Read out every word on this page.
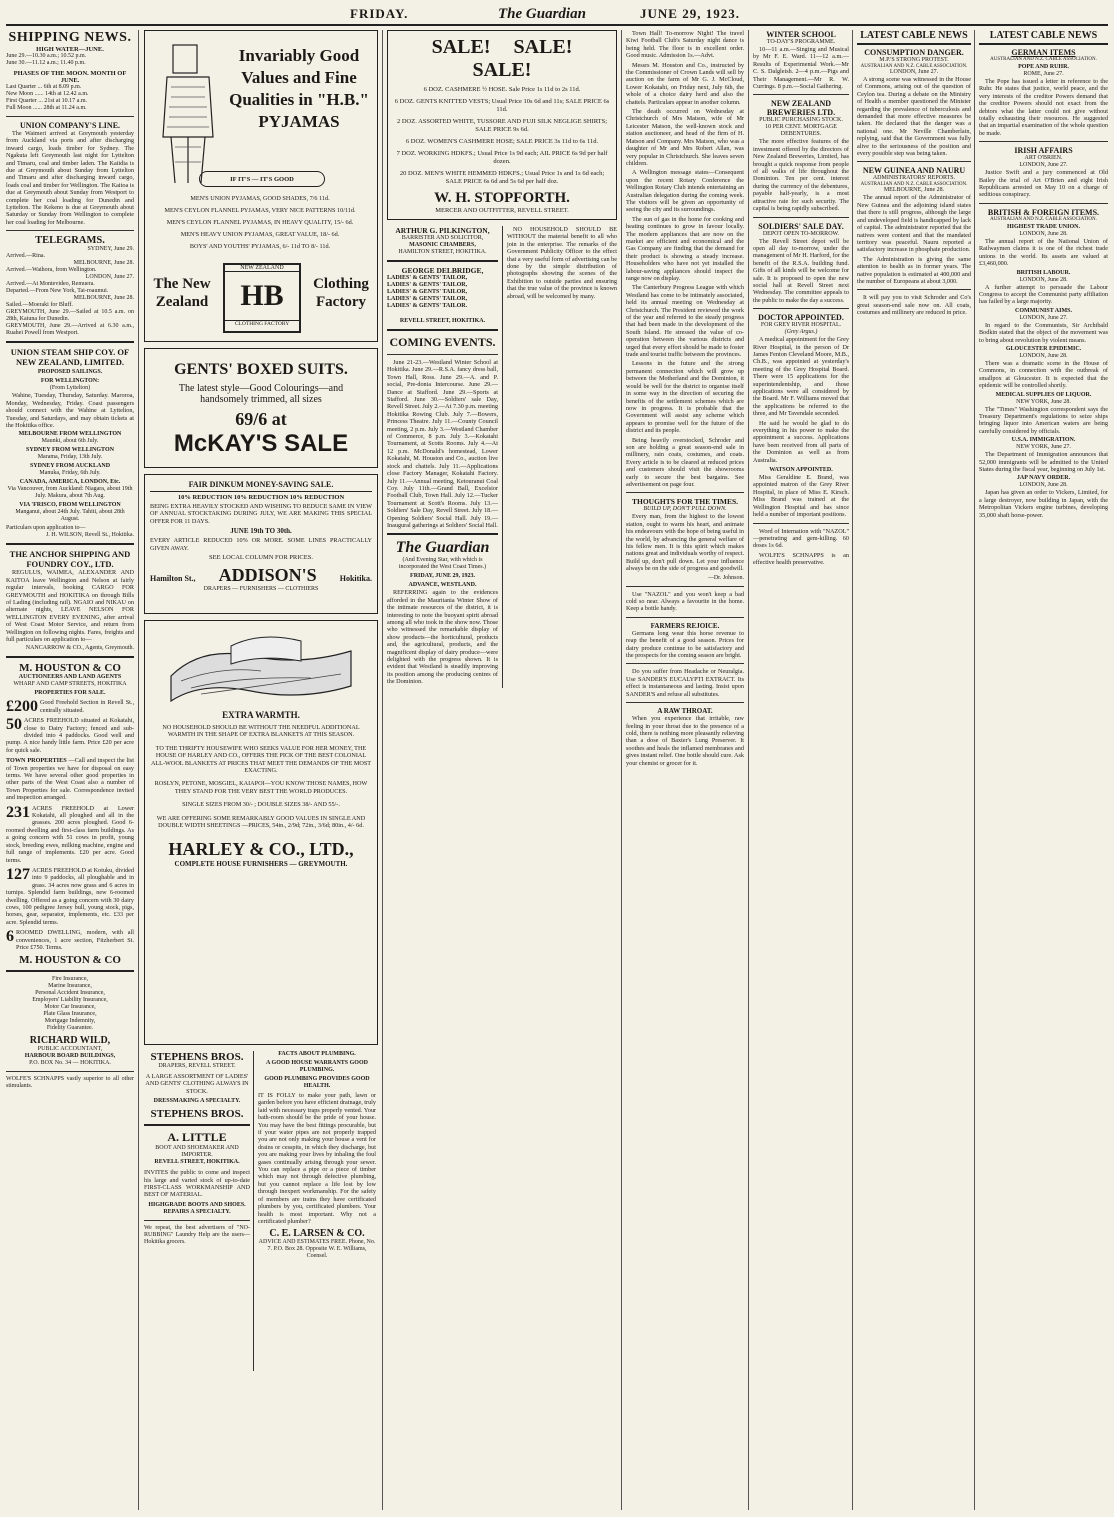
FRIDAY.	The Guardian	JUNE 29, 1923.
SHIPPING NEWS.
HIGH WATER—JUNE.
June 29.—10.30 a.m.; 10.52 p.m.
June 30.—11.12 a.m.; 11.40 p.m.
PHASES OF THE MOON. MONTH OF JUNE.
Last Quarter ... 6th at 8.09 p.m.
New Moon ...... 14th at 12.42 a.m.
First Quarter ... 21st at 10.17 a.m.
Full Moon ...... 28th at 11.24 a.m.
UNION COMPANY'S LINE.

The Waimeri arrived at Greymouth yesterday from Auckland via ports and after discharging inward cargo, loads timber for Sydney. The Ngakuta left Greymouth last night for Lyttelton and Timaru, coal and timber laden. The Kaiidia is due at Greymouth about Sunday from Lyttelton and Timaru and after discharging inward cargo, loads coal and timber for Wellington. The Kaitoa is due at Greymouth about Sunday from Westport to complete her coal loading for Dunedin and Lyttelton. The Kekeno is due at Greymouth about Saturday or Sunday from Wellington to complete her coal loading for Melbourne.

TELEGRAMS.
SYDNEY, June 29.
Arrived.—Rina.
MELBOURNE, June 28.
Arrived.—Waihora, from Wellington.
LONDON, June 27.
Arrived.—At Montevideo, Remuera.
Departed.—From New York, Tai-roaumui.
MELBOURNE, June 28.
Sailed.—Moeraki for Bluff.
GREYMOUTH, June 29.—Sailed at 10.5 a.m. on 28th, Kaiuna for Dunedin.
GREYMOUTH, June 29.—Arrived at 6.30 a.m., Ruahei Powell from Westport.
UNION STEAM SHIP COY. OF NEW ZEALAND, LIMITED.
PROPOSED SAILINGS.
FOR WELLINGTON:
(From Lyttelton)

Wahine, Tuesday, Thursday, Saturday. Maroroa, Monday, Wednesday, Friday. Coast passengers should connect with the Wahine at Lyttelton, Tuesday, and Saturdays, and may obtain tickets at the Hokitika office.

MELBOURNE FROM WELLINGTON
Maunki, about 6th July.
SYDNEY FROM WELLINGTON
Marama, Friday, 13th July.
SYDNEY FROM AUCKLAND
Manuka, Friday, 6th July.
CANADA, AMERICA, LONDON, Etc.
Via Vancouver, from Auckland: Niagara, about 19th July. Makura, about 7th Aug.
VIA 'FRISCO, FROM WELLINGTON
Manganui, about 24th July. Tahiti, about 28th August.
Particulars upon application to—
J. H. WILSON, Revell St., Hokitika.
THE ANCHOR SHIPPING AND FOUNDRY COY., LTD.

REGULUS, WAIMEA, ALEXANDER AND KAITOA leave Wellington and Nelson at fairly regular intervals, booking CARGO FOR GREYMOUTH and HOKITIKA on through Bills of Lading (including rail). NGAIO and NIKAU on alternate nights, LEAVE NELSON FOR WELLINGTON EVERY EVENING, after arrival of West Coast Motor Service, and return from Wellington on following nights. Fares, freights and full particulars on application to—

NANCARROW & CO., Agents, Greymouth.
M. HOUSTON & CO
AUCTIONEERS AND LAND AGENTS
WHARF AND CAMP STREETS, HOKITIKA
PROPERTIES FOR SALE.
£200 Good Freehold Section in Revell St., centrally situated.
50 ACRES FREEHOLD situated at Kokatahi, close to Dairy Factory; fenced and sub-divided into 4 paddocks. Good well and pump. A nice handy little farm. Price £20 per acre for quick sale.
TOWN PROPERTIES —Call and inspect the list of Town properties we have for disposal on easy terms. We have several other good properties in other parts of the West Coast also a number of Town Properties for sale. Correspondence invited and inspection arranged.
231 ACRES FREEHOLD at Lower Kokatahi, all ploughed and all in the grasses. 200 acres ploughed. Good 6-roomed dwelling and first-class farm buildings. As a going concern with 51 cows in profit, young stock, breeding ewes, milking machine, engine and full range of implements. £20 per acre. Good terms.
127 ACRES FREEHOLD at Kotuku, divided into 9 paddocks, all ploughable and in grass. 34 acres now grass and 6 acres in turnips. Splendid farm buildings, new 6-roomed dwelling. Offered as a going concern with 30 dairy cows, 100 pedigree Jersey bull, young stock, pigs, horses, gear, separator, implements, etc. £33 per acre. Splendid terms.
6 ROOMED DWELLING, modern, with all conveniences, 1 acre section, Fitzherbert St. Price £750. Terms.
M. HOUSTON & CO
Fire Insurance,
Marine Insurance,
Personal Accident Insurance,
Employers' Liability Insurance,
Motor Car Insurance,
Plate Glass Insurance,
Mortgage Indemnity,
Fidelity Guarantee.
RICHARD WILD,
PUBLIC ACCOUNTANT,
HARBOUR BOARD BUILDINGS,
P.O. BOX No. 34 — HOKITIKA.
WOLFE'S SCHNAPPS vastly superior to all other stimulants.
Invariably Good Values and Fine Qualities in "H.B." PYJAMAS
IF IT'S — IT'S GOOD
MEN'S UNION PYJAMAS, GOOD SHADES, 7/6 11d.
MEN'S CEYLON FLANNEL PYJAMAS, VERY NICE PATTERNS 10/11d.
MEN'S CEYLON FLANNEL PYJAMAS, IN HEAVY QUALITY, 15/- 6d.
MEN'S HEAVY UNION PYJAMAS, GREAT VALUE, 18/- 6d.
BOYS' AND YOUTHS' PYJAMAS, 6/- 11d TO 8/- 11d.
The New Zealand
NEW ZEALAND
HB
CLOTHING FACTORY
Clothing Factory
GENTS' BOXED SUITS.
The latest style—Good Colourings—and handsomely trimmed, all sizes
69/6 at
McKAY'S SALE
FAIR DINKUM MONEY-SAVING SALE.
10% REDUCTION 10% REDUCTION 10% REDUCTION
BEING EXTRA HEAVILY STOCKED AND WISHING TO REDUCE SAME IN VIEW OF ANNUAL STOCKTAKING DURING JULY, WE ARE MAKING THIS SPECIAL OFFER FOR 11 DAYS.
JUNE 19th TO 30th.
EVERY ARTICLE REDUCED 10% OR MORE. SOME LINES PRACTICALLY GIVEN AWAY.
SEE LOCAL COLUMN FOR PRICES.
Hamilton St., ADDISON'S	Hokitika.
DRAPERS — FURNISHERS — CLOTHIERS
EXTRA WARMTH.
NO HOUSEHOLD SHOULD BE WITHOUT THE NEEDFUL ADDITIONAL WARMTH IN THE SHAPE OF EXTRA BLANKETS AT THIS SEASON.
TO THE THRIFTY HOUSEWIFE WHO SEEKS VALUE FOR HER MONEY, THE HOUSE OF HARLEY AND CO., OFFERS THE PICK OF THE BEST COLONIAL ALL-WOOL BLANKETS AT PRICES THAT MEET THE DEMANDS OF THE MOST EXACTING.
ROSLYN, PETONE, MOSGIEL, KAIAPOI—YOU KNOW THOSE NAMES, HOW THEY STAND FOR THE VERY BEST THE WORLD PRODUCES.
SINGLE SIZES FROM 30/- ; DOUBLE SIZES 38/- AND 55/-.
WE ARE OFFERING SOME REMARKABLY GOOD VALUES IN SINGLE AND DOUBLE WIDTH SHEETINGS —PRICES, 54in., 2/9d; 72in., 3/6d; 80in., 4/- 6d.
HARLEY & CO., LTD.,
COMPLETE HOUSE FURNISHERS — GREYMOUTH.
STEPHENS BROS.
DRAPERS, REVELL STREET.
A LARGE ASSORTMENT OF LADIES' AND GENTS' CLOTHING ALWAYS IN STOCK.
DRESSMAKING A SPECIALTY.
STEPHENS BROS.
A. LITTLE
BOOT AND SHOEMAKER AND IMPORTER.
REVELL STREET, HOKITIKA.
INVITES the public to come and inspect his large and varied stock of up-to-date FIRST-CLASS WORKMANSHIP AND BEST OF MATERIAL.
HIGHGRADE BOOTS AND SHOES. REPAIRS A SPECIALTY.
We repeat, the best advertisers of "NO-RUBBING" Laundry Help are the users—Hokitika grocers.
FACTS ABOUT PLUMBING.
A GOOD HOUSE WARRANTS GOOD PLUMBING.
GOOD PLUMBING PROVIDES GOOD HEALTH.
IT IS FOLLY to make your path, lawn or garden before you have efficient drainage, truly laid with necessary traps properly vented. Your bath-room should be the pride of your house. You may have the best fittings procurable, but if your water pipes are not properly trapped you are not only making your house a vent for drains or cesspits, in which they discharge, but you are making your lives by inhaling the foul gases continually arising through your sewer. You can replace a pipe or a piece of timber which may not through defective plumbing, but you cannot replace a life lost by low through inexpert workmanship. For the safety of members are trains they have certificated plumbers by you, certificated plumbers. Your health is most important. Why not a certificated plumber?
C. E. LARSEN & CO.
ADVICE AND ESTIMATES FREE. Phone, No. 7. P.O. Box 28. Opposite W. E. Williams, Coensel.
SALE! SALE! SALE!
6 DOZ. CASHMERE ½ HOSE. Sale Price 1s 11d to 2s 11d.
6 DOZ. GENTS KNITTED VESTS; Usual Price 10s 6d and 11s; SALE PRICE 6s 11d.
2 DOZ. ASSORTED WHITE, TUSSORE AND FUJI SILK NEGLIGE SHIRTS; SALE PRICE 9s 6d.
6 DOZ. WOMEN'S CASHMERE HOSE; SALE PRICE 3s 11d to 6s 11d.
7 DOZ. WORKING HDKFS.; Usual Price 1s 9d each; AIL PRICE 6s 9d per half dozen.
20 DOZ. MEN'S WHITE HEMMED HDKFS.; Usual Price 1s and 1s 6d each; SALE PRICE 6s 6d and 5s 6d per half doz.
W. H. STOPFORTH.
MERCER AND OUTFITTER, REVELL STREET.
ARTHUR G. PILKINGTON,
BARRISTER AND SOLICITOR,
MASONIC CHAMBERS,
HAMILTON STREET, HOKITIKA.
GEORGE DELBRIDGE,
LADIES' & GENTS' TAILOR,
LADIES' & GENTS' TAILOR,
LADIES' & GENTS' TAILOR,
LADIES' & GENTS' TAILOR,
LADIES' & GENTS' TAILOR.
REVELL STREET, HOKITIKA.
COMING EVENTS.

June 21-23.—Westland Winter School at Hokitika. June 29.—R.S.A. fancy dress ball, Town Hall, Ross. June 29.—A. and P. social, Pre-donia Intercourse. June 29.—Dance at Stafford. June 29.—Sports at Stafford. June 30.—Soldiers' sale Day, Revell Street. July 2.—At 7.30 p.m. meeting Hokitika Rowing Club. July 7.—Bowers, Princess Theatre. July 11.—County Council meeting, 2 p.m. July 3.—Westland Chamber of Commerce, 8 p.m. July 3.—Kokatahi Tournament, at Scotts Rooms. July 4.—At 12 p.m. McDonald's homestead, Lower Kokatahi, M. Houston and Co., auction live stock and chattels. July 11.—Applications close Factory Manager, Kokatahi Factory. July 11.—Annual meeting, Ketouranui Coal Coy. July 11th.—Grand Ball, Excelsior Football Club, Town Hall. July 12.—Tucker Tournament at Scott's Rooms. July 13.—Soldiers' Sale Day, Revell Street. July 18.—Opening Soldiers' Social Hall. July 19.—Inaugural gatherings at Soldiers' Social Hall.

The Guardian
(And Evening Star, with which is incorporated the West Coast Times.)
FRIDAY, JUNE 29, 1923.
ADVANCE, WESTLAND.

REFERRING again to the evidences afforded in the Mauritania Winter Show of the intimate resources of the district, it is interesting to note the buoyant spirit abroad among all who took in the show now. Those who witnessed the remarkable display of show products—the horticultural, products and, the agricultural, products, and the magnificent display of dairy produce—were delighted with the progress shown. It is evident that Westland is steadily improving its position among the producing centres of the Dominion.

NO HOUSEHOLD SHOULD BE WITHOUT the material benefit to all who join in the enterprise. The remarks of the Government Publicity Officer to the effect that a very useful form of advertising can be done by the simple distribution of photographs showing the scenes of the Exhibition to outside parties and ensuring that the true value of the province is known abroad, will be welcomed by many.

Town Hall! To-morrow Night! The travel Kiwi Football Club's Saturday night dance is being held. The floor is in excellent order. Good music. Admission 1s.—Advt.

Messrs M. Houston and Co., instructed by the Commissioner of Crown Lands will sell by auction on the farm of Mr G. J. McCloud, Lower Kokatahi, on Friday next, July 6th, the whole of a choice dairy herd and also the chattels. Particulars appear in another column.

The death occurred on Wednesday at Christchurch of Mrs Matson, wife of Mr Leicester Matson, the well-known stock and station auctioneer, and head of the firm of H. Matson and Company. Mrs Matson, who was a daughter of Mr and Mrs Robert Allan, was very popular in Christchurch. She leaves seven children.

A Wellington message states—Consequent upon the recent Rotary Conference the Wellington Rotary Club intends entertaining an Australian delegation during the coming week. The visitors will be given an opportunity of seeing the city and its surroundings.

The sun of gas in the home for cooking and heating continues to grow in favour locally. The modern appliances that are now on the market are efficient and economical and the Gas Company are finding that the demand for their product is showing a steady increase. Householders who have not yet installed the labour-saving appliances should inspect the range now on display.

The Canterbury Progress League with which Westland has come to be intimately associated, held its annual meeting on Wednesday at Christchurch. The President reviewed the work of the year and referred to the steady progress that had been made in the development of the South Island. He stressed the value of co-operation between the various districts and urged that every effort should be made to foster trade and tourist traffic between the provinces.

Lessons in the future and the strong permanent connection which will grow up between the Motherland and the Dominion, it would be well for the district to organise itself in some way in the direction of securing the benefits of the settlement schemes which are now in progress. It is probable that the Government will assist any scheme which appears to promise well for the future of the district and its people.

Being heavily overstocked, Schroder and son are holding a great season-end sale in millinery, rain coats, costumes, and coats. Every article is to be cleared at reduced prices and customers should visit the showrooms early to secure the best bargains. See advertisement on page four.

THOUGHTS FOR THE TIMES.
BUILD UP, DON'T PULL DOWN.

Every man, from the highest to the lowest station, ought to warm his heart, and animate his endeavours with the hope of being useful in the world, by advancing the general welfare of his fellow men. It is this spirit which makes nations great and individuals worthy of respect. Build up, don't pull down. Let your influence always be on the side of progress and goodwill.

—Dr. Johnson.

Use "NAZOL" and you won't keep a bad cold so near. Always a favourite in the home. Keep a bottle handy.

FARMERS REJOICE.

Germans long wear this horse revenue to reap the benefit of a good season. Prices for dairy produce continue to be satisfactory and the prospects for the coming season are bright.

Do you suffer from Headache or Neuralgia. Use SANDER'S EUCALYPTI EXTRACT. Its effect is instantaneous and lasting. Insist upon SANDER'S and refuse all substitutes.

A RAW THROAT.

When you experience that irritable, raw feeling in your throat due to the presence of a cold, there is nothing more pleasantly relieving than a dose of Baxter's Lung Preserver. It soothes and heals the inflamed membranes and gives instant relief. One bottle should cure. Ask your chemist or grocer for it.

WINTER SCHOOL
TO-DAY'S PROGRAMME.

10—11 a.m.—Singing and Musical by Mr F. E. Ward. 11—12 a.m.—Results of Experimental Work.—Mr C. S. Dalgleish. 2—4 p.m.—Pigs and Their Management.—Mr R. W. Currings. 8 p.m.—Social Gathering.

NEW ZEALAND BREWERIES LTD.
PUBLIC PURCHASING STOCK.
10 PER CENT. MORTGAGE DEBENTURES.

The more effective features of the investment offered by the directors of New Zealand Breweries, Limited, has brought a quick response from people of all walks of life throughout the Dominion. Ten per cent. interest during the currency of the debentures, payable half-yearly, is a most attractive rate for such security. The capital is being rapidly subscribed.

SOLDIERS' SALE DAY.
DEPOT OPEN TO-MORROW.

The Revell Street depot will be open all day to-morrow, under the management of Mr H. Harford, for the benefit of the R.S.A. building fund. Gifts of all kinds will be welcome for sale. It is proposed to open the new social hall at Revell Street next Wednesday. The committee appeals to the public to make the day a success.

DOCTOR APPOINTED.
FOR GREY RIVER HOSPITAL.
(Grey Argus.)

A medical appointment for the Grey River Hospital, in the person of Dr James Fenton Cleveland Moore, M.B., Ch.B., was appointed at yesterday's meeting of the Grey Hospital Board. There were 15 applications for the superintendentship, and those applications were all considered by the Board. Mr F. Williams moved that the applications be referred to the three, and Mr Tavendale seconded.

He said he would be glad to do everything in his power to make the appointment a success. Applications have been received from all parts of the Dominion as well as from Australia.

WATSON APPOINTED.

Miss Geraldine E. Brand, was appointed matron of the Grey River Hospital, in place of Miss E. Kirsch. Miss Brand was trained at the Wellington Hospital and has since held a number of important positions.

Word of Internation with "NAZOL" —penetrating and gem-killing. 60 doses 1s 6d.

WOLFE'S SCHNAPPS is an effective health preservative.

LATEST CABLE NEWS
CONSUMPTION DANGER.
M.P.'S STRONG PROTEST.
AUSTRALIAN AND N.Z. CABLE ASSOCIATION.
LONDON, June 27.

A strong scene was witnessed in the House of Commons, arising out of the question of Ceylon tea. During a debate on the Ministry of Health a member questioned the Minister regarding the prevalence of tuberculosis and demanded that more effective measures be taken. He declared that the danger was a national one. Mr Neville Chamberlain, replying, said that the Government was fully alive to the seriousness of the position and every possible step was being taken.

NEW GUINEA AND NAURU
ADMINISTRATORS' REPORTS.
AUSTRALIAN AND N.Z. CABLE ASSOCIATION.
MELBOURNE, June 28.

The annual report of the Administrator of New Guinea and the adjoining island states that there is still progress, although the large and undeveloped field is handicapped by lack of capital. The administrator reported that the natives were content and that the mandated territory was peaceful. Nauru reported a satisfactory increase in phosphate production.

The Administration is giving the same attention to health as in former years. The native population is estimated at 400,000 and the number of Europeans at about 3,000.

It will pay you to visit Schroder and Co's great season-end sale now on. All coats, costumes and millinery are reduced in price.

LATEST CABLE NEWS
GERMAN ITEMS
AUSTRALIAN AND N.Z. CABLE ASSOCIATION.
POPE AND RUHR.
ROME, June 27.

The Pope has issued a letter in reference to the Ruhr. He states that justice, world peace, and the very interests of the creditor Powers demand that the creditor Powers should not exact from the debtors what the latter could not give without totally exhausting their resources. He suggested that an impartial examination of the whole question be made.

IRISH AFFAIRS
ART O'BRIEN.
LONDON, June 27.

Justice Swift and a jury commenced at Old Bailey the trial of Art O'Brien and eight Irish Republicans arrested on May 10 on a charge of seditious conspiracy.

BRITISH & FOREIGN ITEMS.
AUSTRALIAN AND N.Z. CABLE ASSOCIATION.
HIGHEST TRADE UNION.
LONDON, June 28.

The annual report of the National Union of Railwaymen claims it is one of the richest trade unions in the world. Its assets are valued at £3,460,000.

BRITISH LABOUR.
LONDON, June 28.

A further attempt to persuade the Labour Congress to accept the Communist party affiliation has failed by a large majority.

COMMUNIST AIMS.
LONDON, June 27.

In regard to the Communists, Sir Archibald Bodkin stated that the object of the movement was to bring about revolution by violent means.

GLOUCESTER EPIDEMIC.
LONDON, June 28.

There was a dramatic scene in the House of Commons, in connection with the outbreak of smallpox at Gloucester. It is expected that the epidemic will be controlled shortly.

MEDICAL SUPPLIES OF LIQUOR.
NEW YORK, June 28.

The "Times" Washington correspondent says the Treasury Department's regulations to seize ships bringing liquor into American waters are being carefully considered by officials.

U.S.A. IMMIGRATION.
NEW YORK, June 27.

The Department of Immigration announces that 52,000 immigrants will be admitted to the United States during the fiscal year, beginning on July 1st.

JAP NAVY ORDER.
LONDON, June 28.

Japan has given an order to Vickers, Limited, for a large destroyer, now building in Japan, with the Metropolitan Vickers engine turbines, developing 35,000 shaft horse-power.
